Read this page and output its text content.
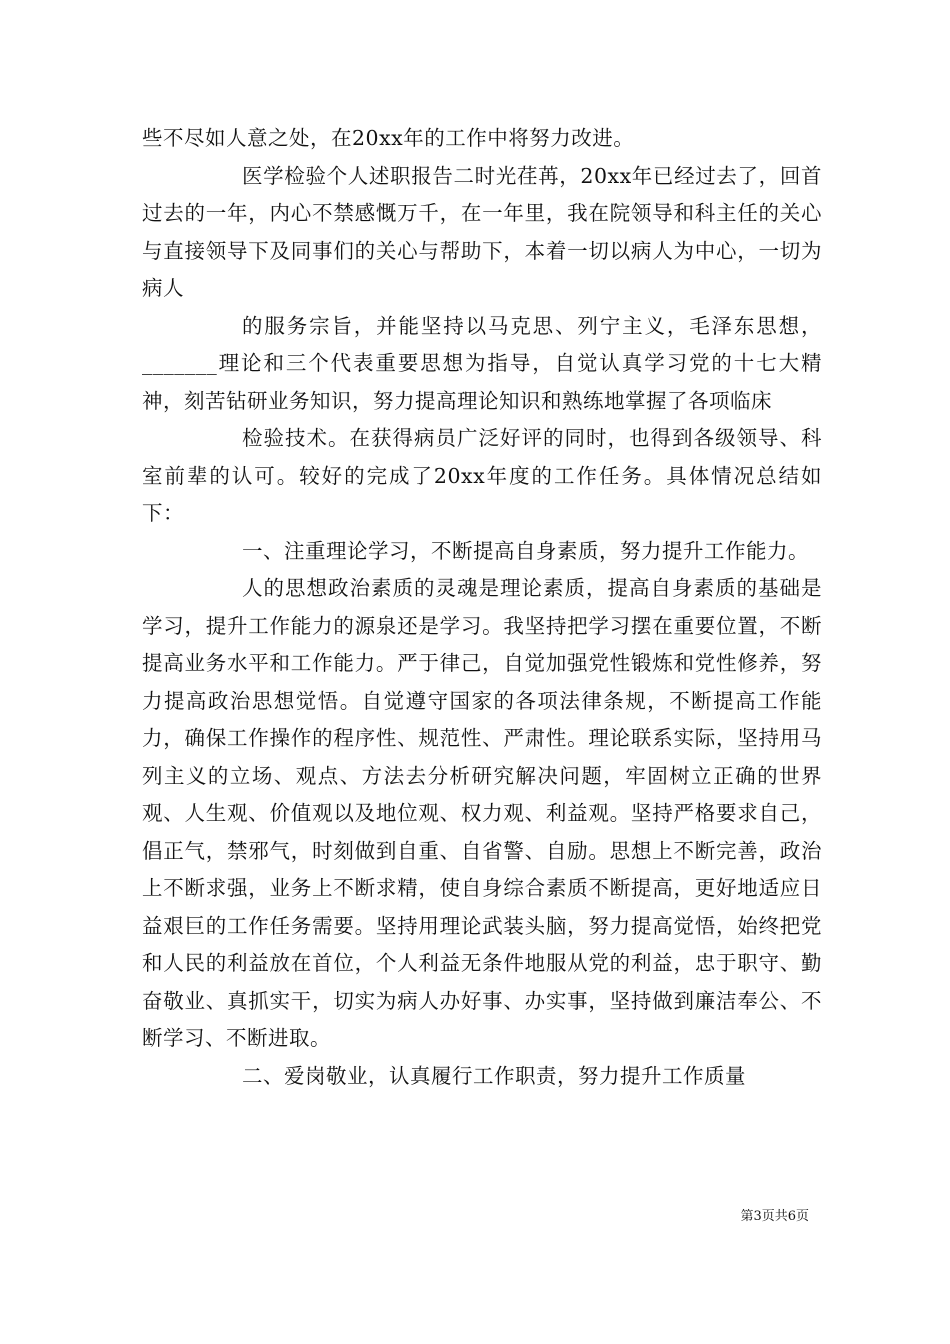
些不尽如人意之处，在20xx年的工作中将努力改进。

医学检验个人述职报告二时光荏苒，20xx年已经过去了，回首过去的一年，内心不禁感慨万千，在一年里，我在院领导和科主任的关心与直接领导下及同事们的关心与帮助下，本着一切以病人为中心，一切为病人

的服务宗旨，并能坚持以马克思、列宁主义，毛泽东思想，_______理论和三个代表重要思想为指导，自觉认真学习党的十七大精神，刻苦钻研业务知识，努力提高理论知识和熟练地掌握了各项临床

检验技术。在获得病员广泛好评的同时，也得到各级领导、科室前辈的认可。较好的完成了20xx年度的工作任务。具体情况总结如下：

一、注重理论学习，不断提高自身素质，努力提升工作能力。

人的思想政治素质的灵魂是理论素质，提高自身素质的基础是学习，提升工作能力的源泉还是学习。我坚持把学习摆在重要位置，不断提高业务水平和工作能力。严于律己，自觉加强党性锻炼和党性修养，努力提高政治思想觉悟。自觉遵守国家的各项法律条规，不断提高工作能力，确保工作操作的程序性、规范性、严肃性。理论联系实际，坚持用马列主义的立场、观点、方法去分析研究解决问题，牢固树立正确的世界观、人生观、价值观以及地位观、权力观、利益观。坚持严格要求自己，倡正气，禁邪气，时刻做到自重、自省警、自励。思想上不断完善，政治上不断求强，业务上不断求精，使自身综合素质不断提高，更好地适应日益艰巨的工作任务需要。坚持用理论武装头脑，努力提高觉悟，始终把党和人民的利益放在首位，个人利益无条件地服从党的利益，忠于职守、勤奋敬业、真抓实干，切实为病人办好事、办实事，坚持做到廉洁奉公、不断学习、不断进取。

二、爱岗敬业，认真履行工作职责，努力提升工作质量

第3页共6页
